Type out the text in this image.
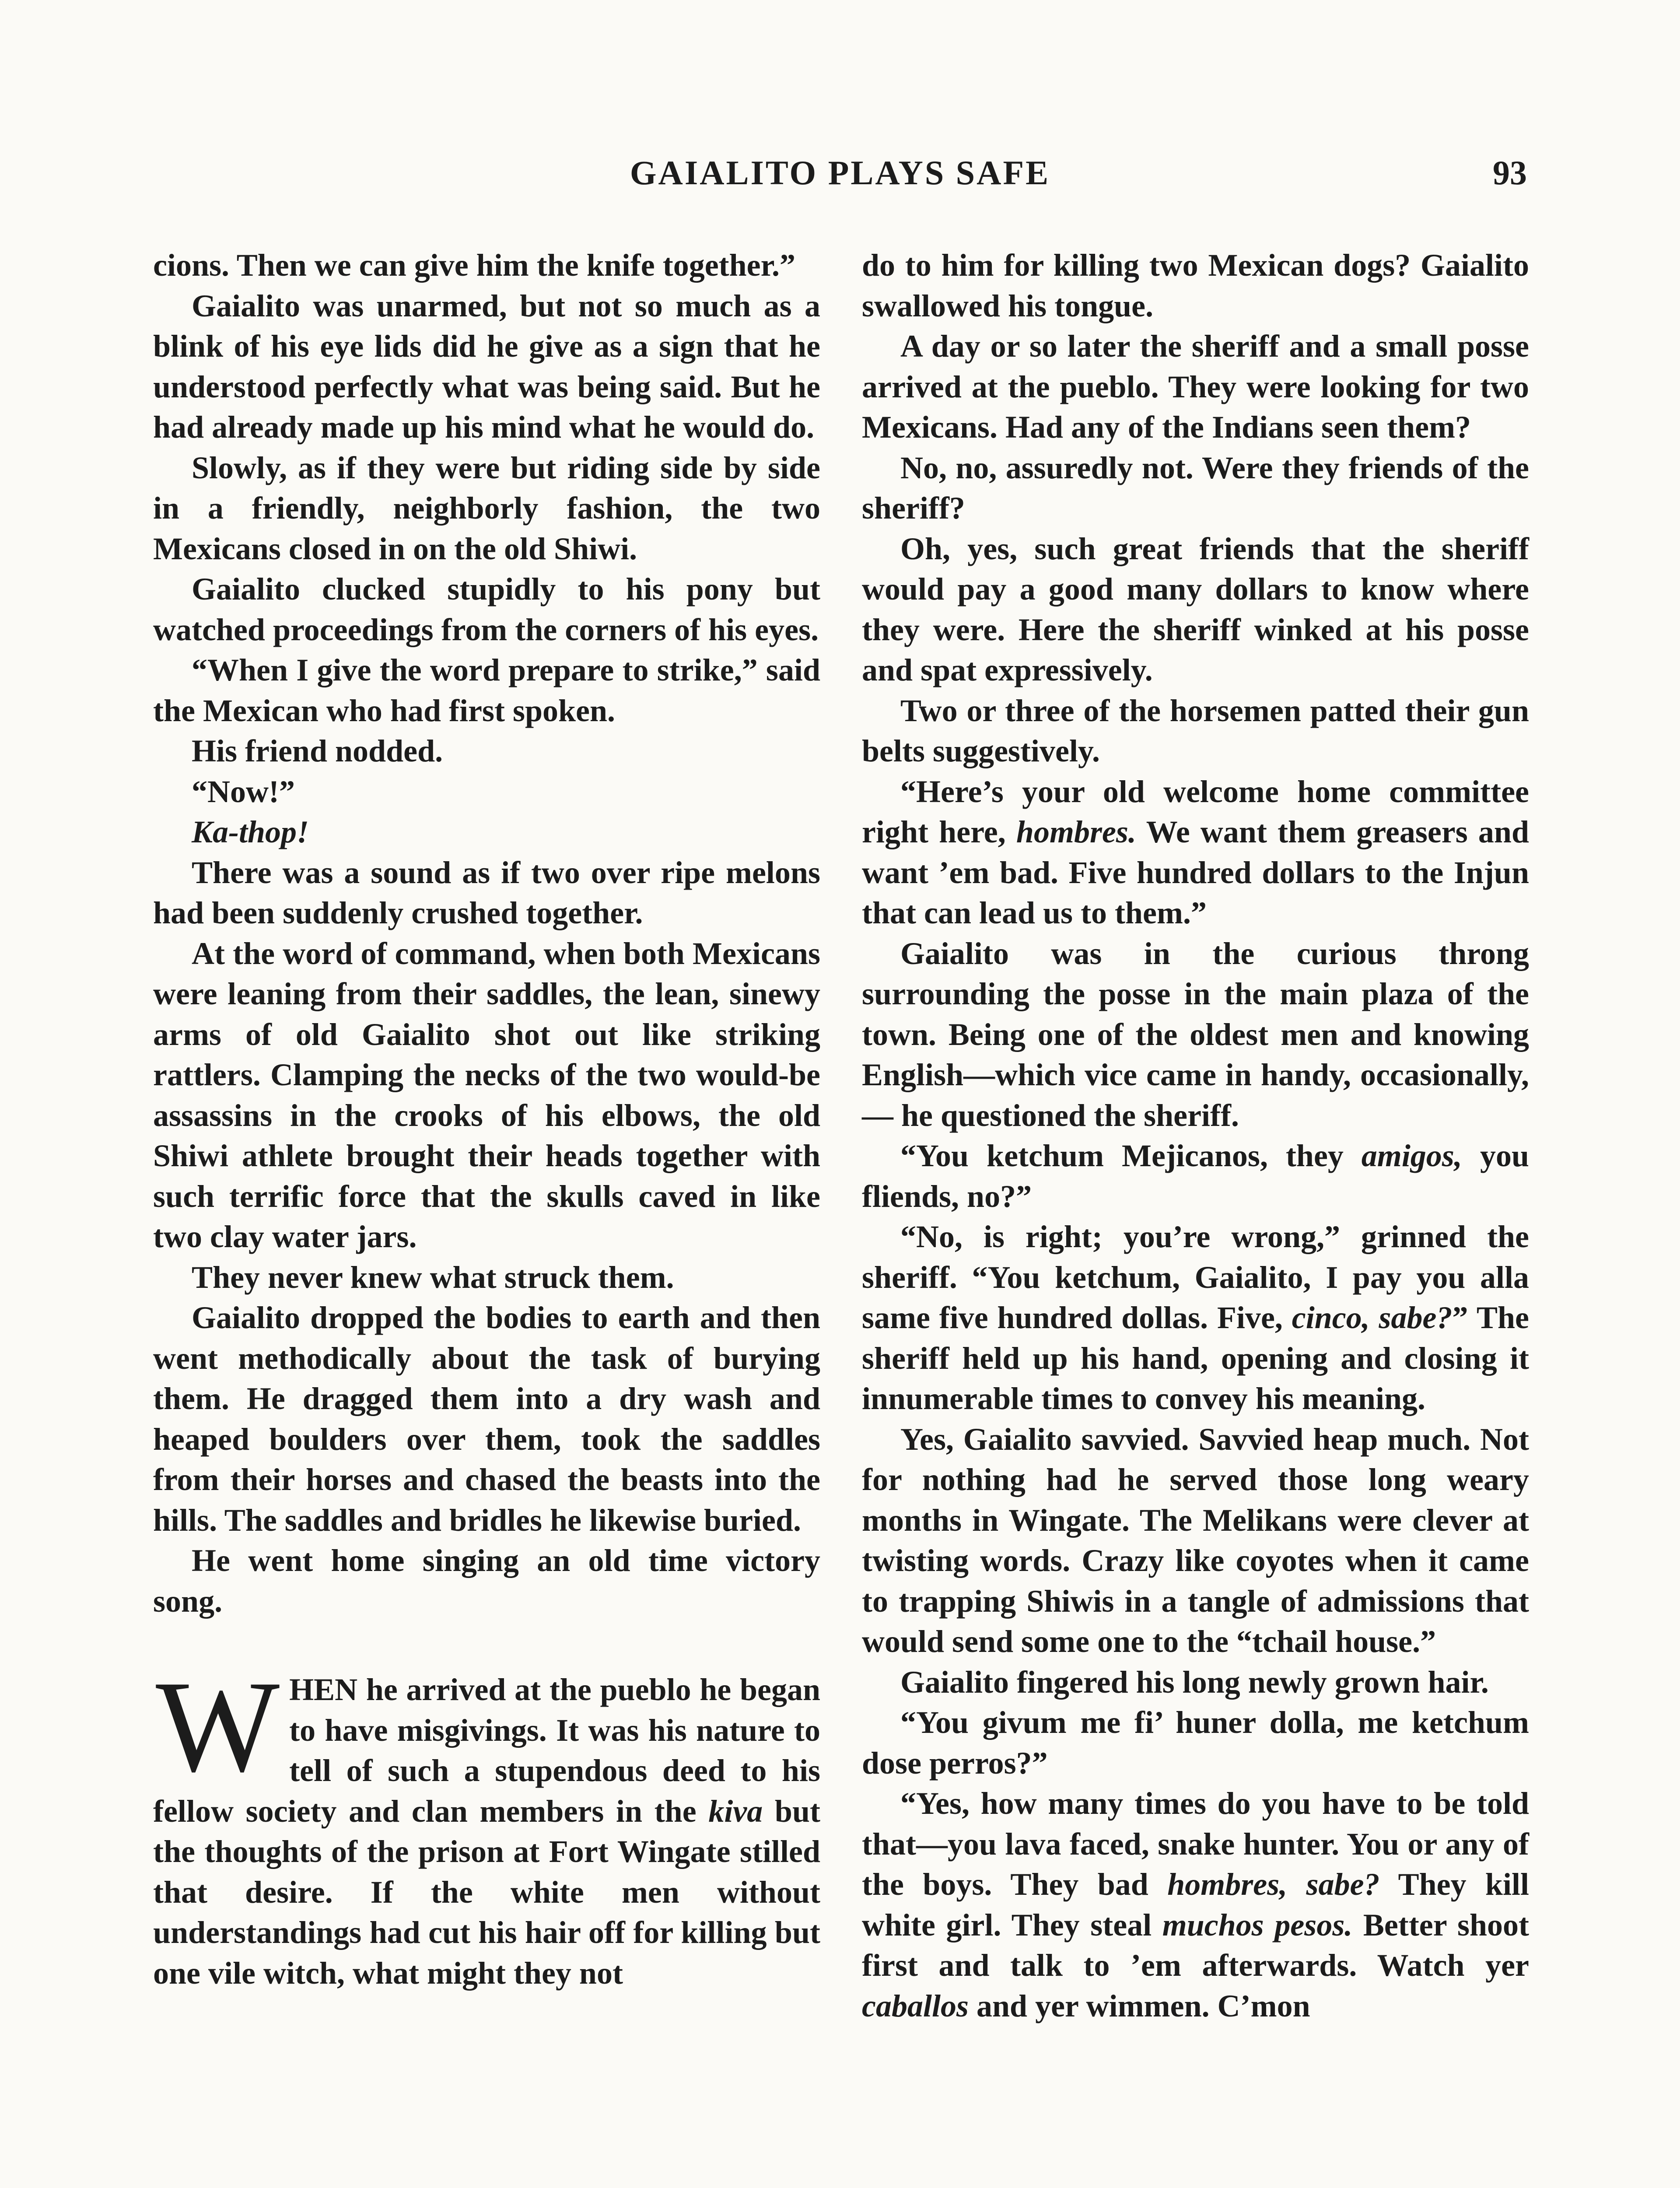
GAIALITO PLAYS SAFE	93

cions. Then we can give him the knife together.”

Gaialito was unarmed, but not so much as a blink of his eye lids did he give as a sign that he understood perfectly what was being said. But he had already made up his mind what he would do.

Slowly, as if they were but riding side by side in a friendly, neighborly fashion, the two Mexicans closed in on the old Shiwi.

Gaialito clucked stupidly to his pony but watched proceedings from the corners of his eyes.

“When I give the word prepare to strike,” said the Mexican who had first spoken.

His friend nodded.

“Now!”

Ka-thop!

There was a sound as if two over ripe melons had been suddenly crushed together.

At the word of command, when both Mexicans were leaning from their saddles, the lean, sinewy arms of old Gaialito shot out like striking rattlers. Clamping the necks of the two would-be assassins in the crooks of his elbows, the old Shiwi athlete brought their heads together with such terrific force that the skulls caved in like two clay water jars.

They never knew what struck them.

Gaialito dropped the bodies to earth and then went methodically about the task of burying them. He dragged them into a dry wash and heaped boulders over them, took the saddles from their horses and chased the beasts into the hills. The saddles and bridles he likewise buried.

He went home singing an old time victory song.

WHEN he arrived at the pueblo he began to have misgivings. It was his nature to tell of such a stupendous deed to his fellow society and clan members in the kiva but the thoughts of the prison at Fort Wingate stilled that desire. If the white men without understandings had cut his hair off for killing but one vile witch, what might they not

do to him for killing two Mexican dogs? Gaialito swallowed his tongue.

A day or so later the sheriff and a small posse arrived at the pueblo. They were looking for two Mexicans. Had any of the Indians seen them?

No, no, assuredly not. Were they friends of the sheriff?

Oh, yes, such great friends that the sheriff would pay a good many dollars to know where they were. Here the sheriff winked at his posse and spat expressively.

Two or three of the horsemen patted their gun belts suggestively.

“Here’s your old welcome home committee right here, hombres. We want them greasers and want ’em bad. Five hundred dollars to the Injun that can lead us to them.”

Gaialito was in the curious throng surrounding the posse in the main plaza of the town. Being one of the oldest men and knowing English—which vice came in handy, occasionally,— he questioned the sheriff.

“You ketchum Mejicanos, they amigos, you fliends, no?”

“No, is right; you’re wrong,” grinned the sheriff. “You ketchum, Gaialito, I pay you alla same five hundred dollas. Five, cinco, sabe?” The sheriff held up his hand, opening and closing it innumerable times to convey his meaning.

Yes, Gaialito savvied. Savvied heap much. Not for nothing had he served those long weary months in Wingate. The Melikans were clever at twisting words. Crazy like coyotes when it came to trapping Shiwis in a tangle of admissions that would send some one to the “tchail house.”

Gaialito fingered his long newly grown hair.

“You givum me fi’ huner dolla, me ketchum dose perros?”

“Yes, how many times do you have to be told that—you lava faced, snake hunter. You or any of the boys. They bad hombres, sabe? They kill white girl. They steal muchos pesos. Better shoot first and talk to ’em afterwards. Watch yer caballos and yer wimmen. C’mon
